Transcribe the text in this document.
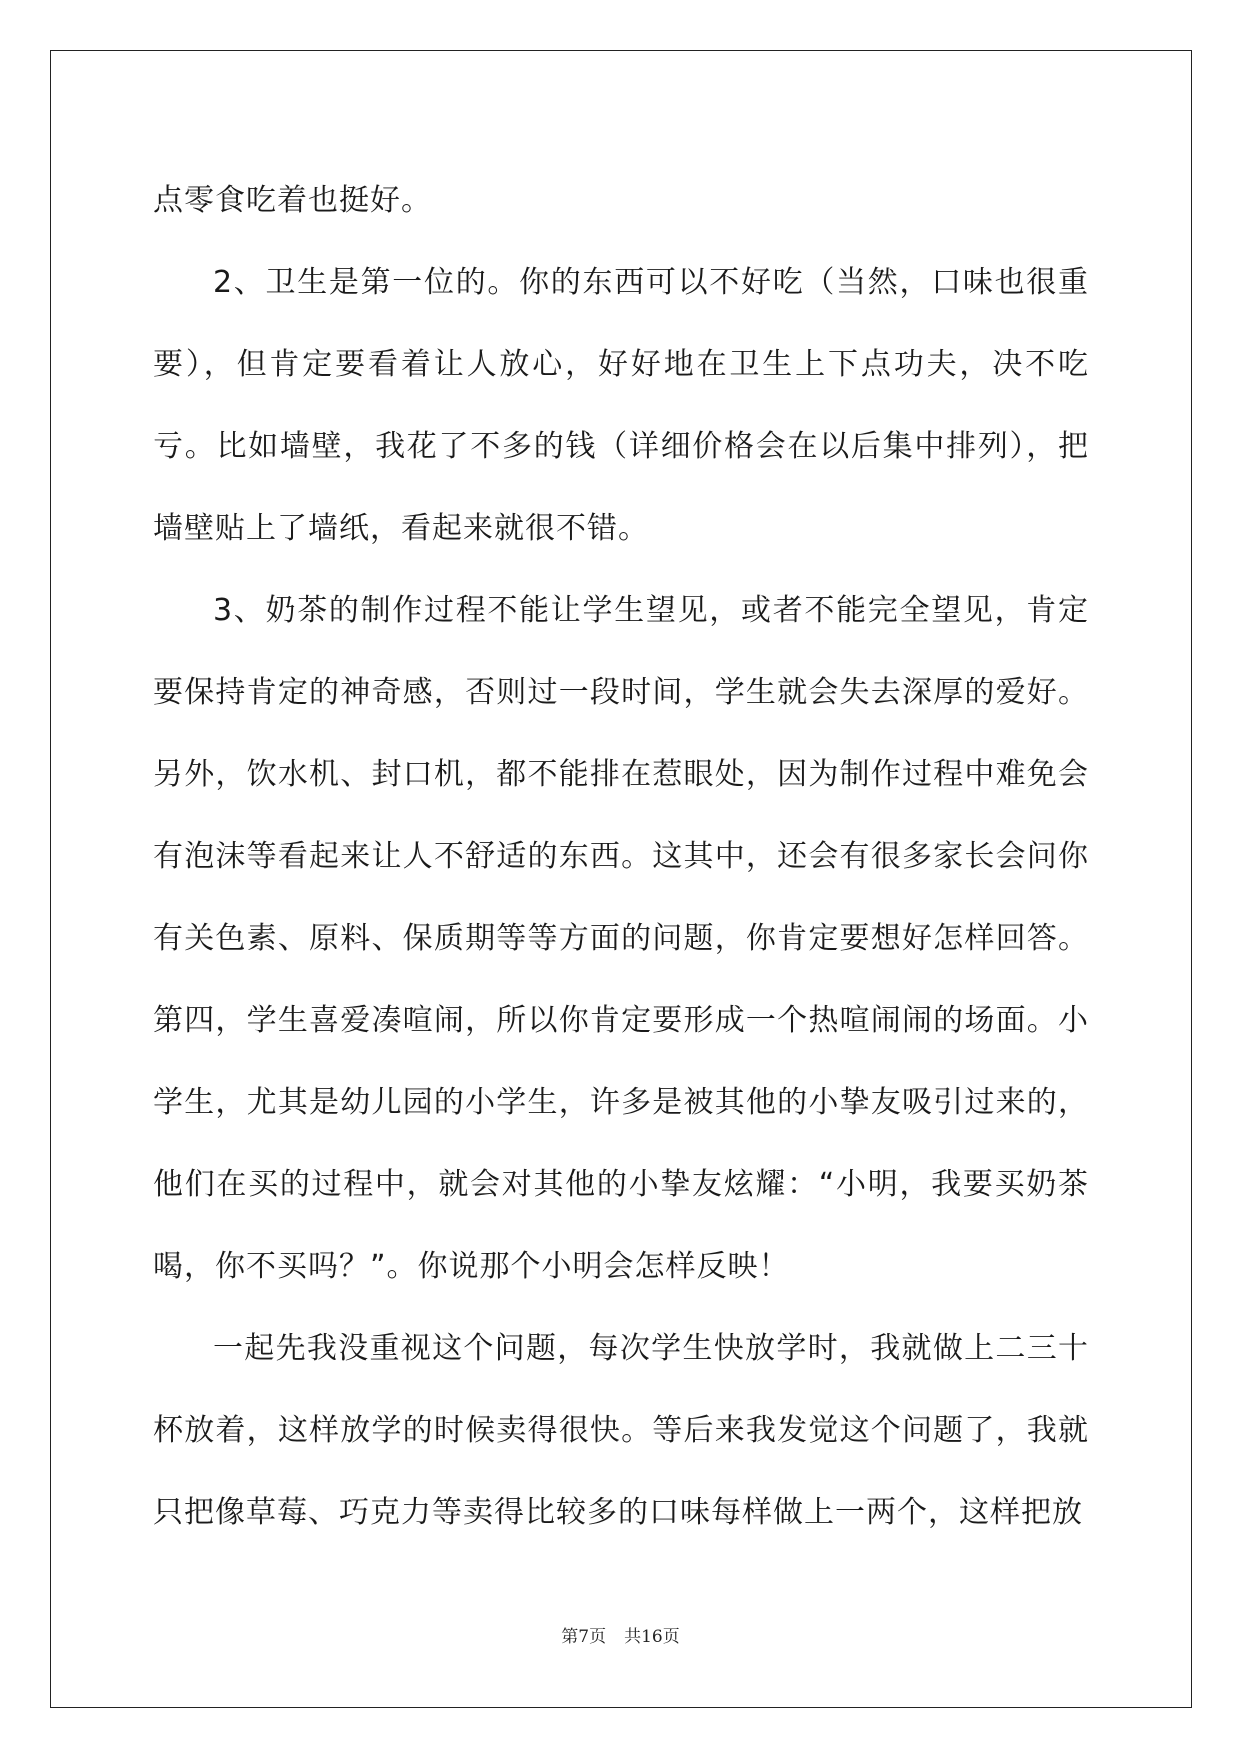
点零食吃着也挺好。

2、卫生是第一位的。你的东西可以不好吃（当然，口味也很重要），但肯定要看着让人放心，好好地在卫生上下点功夫，决不吃亏。比如墙壁，我花了不多的钱（详细价格会在以后集中排列），把墙壁贴上了墙纸，看起来就很不错。

3、奶茶的制作过程不能让学生望见，或者不能完全望见，肯定要保持肯定的神奇感，否则过一段时间，学生就会失去深厚的爱好。另外，饮水机、封口机，都不能排在惹眼处，因为制作过程中难免会有泡沫等看起来让人不舒适的东西。这其中，还会有很多家长会问你有关色素、原料、保质期等等方面的问题，你肯定要想好怎样回答。第四，学生喜爱凑喧闹，所以你肯定要形成一个热喧闹闹的场面。小学生，尤其是幼儿园的小学生，许多是被其他的小挚友吸引过来的，他们在买的过程中，就会对其他的小挚友炫耀：“小明，我要买奶茶喝，你不买吗？”。你说那个小明会怎样反映！

一起先我没重视这个问题，每次学生快放学时，我就做上二三十杯放着，这样放学的时候卖得很快。等后来我发觉这个问题了，我就只把像草莓、巧克力等卖得比较多的口味每样做上一两个，这样把放

第7页 共16页
